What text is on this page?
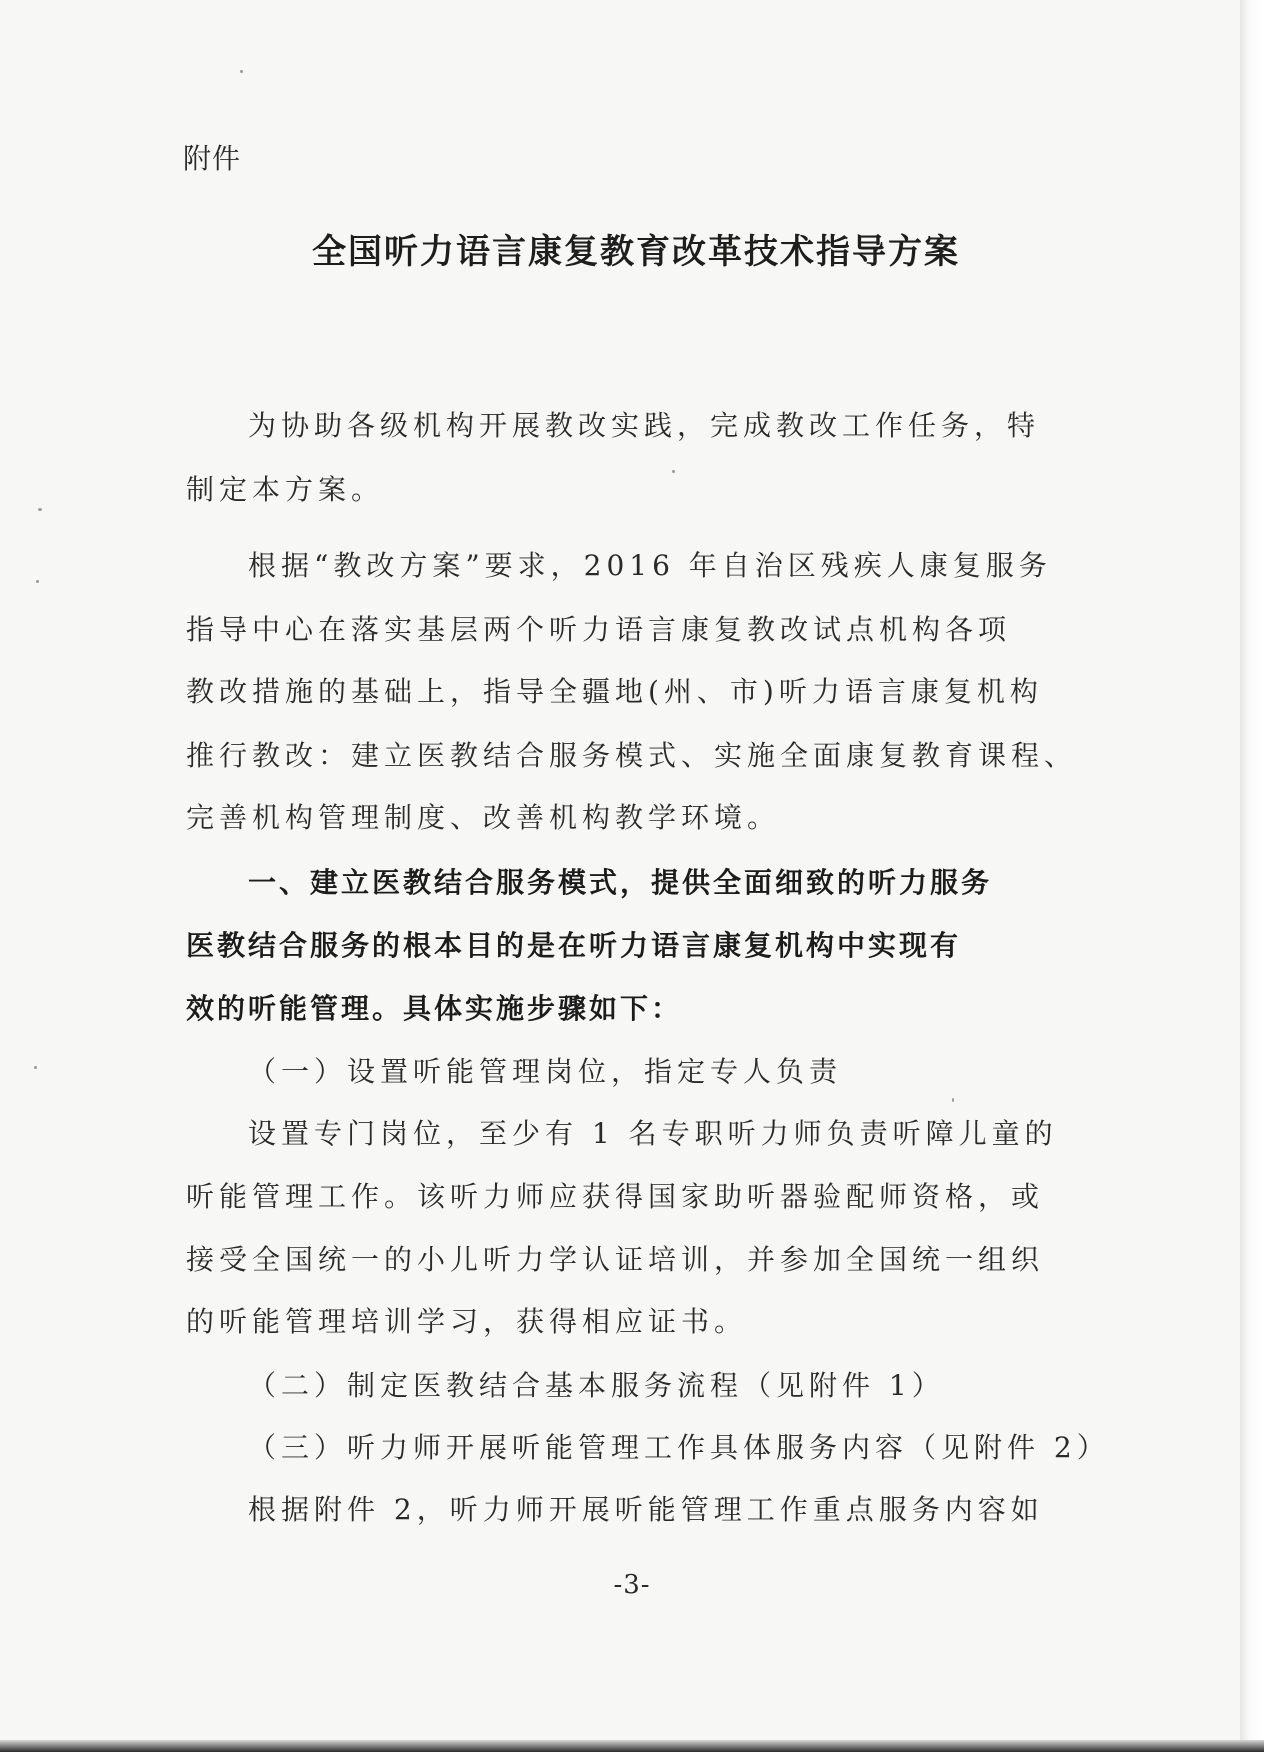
附件
全国听力语言康复教育改革技术指导方案
为协助各级机构开展教改实践，完成教改工作任务，特
制定本方案。
根据“教改方案”要求，2016 年自治区残疾人康复服务
指导中心在落实基层两个听力语言康复教改试点机构各项
教改措施的基础上，指导全疆地(州、市)听力语言康复机构
推行教改：建立医教结合服务模式、实施全面康复教育课程、
完善机构管理制度、改善机构教学环境。
一、建立医教结合服务模式，提供全面细致的听力服务
医教结合服务的根本目的是在听力语言康复机构中实现有
效的听能管理。具体实施步骤如下：
（一）设置听能管理岗位，指定专人负责
设置专门岗位，至少有 1 名专职听力师负责听障儿童的
听能管理工作。该听力师应获得国家助听器验配师资格，或
接受全国统一的小儿听力学认证培训，并参加全国统一组织
的听能管理培训学习，获得相应证书。
（二）制定医教结合基本服务流程（见附件 1）
（三）听力师开展听能管理工作具体服务内容（见附件 2）
根据附件 2，听力师开展听能管理工作重点服务内容如
-3-
